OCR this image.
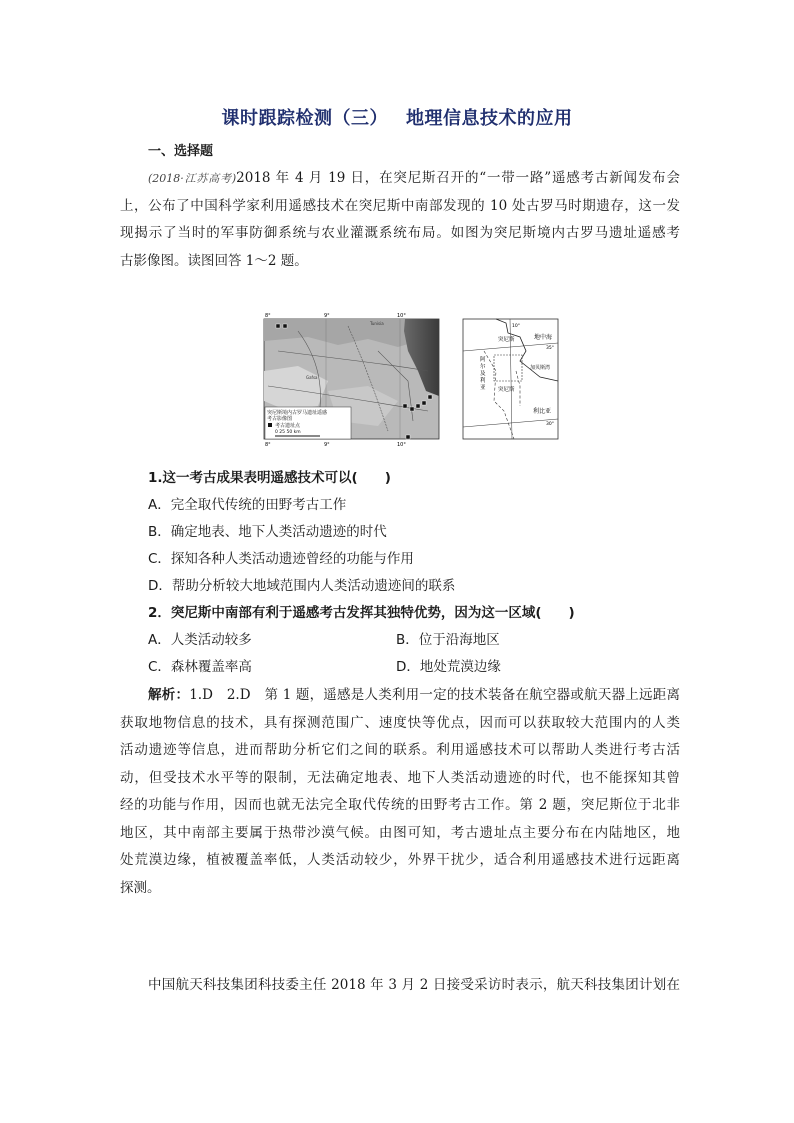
课时跟踪检测（三） 地理信息技术的应用
一、选择题
(2018·江苏高考)2018 年 4 月 19 日，在突尼斯召开的“一带一路”遥感考古新闻发布会
上，公布了中国科学家利用遥感技术在突尼斯中南部发现的 10 处古罗马时期遗存，这一发
现揭示了当时的军事防御系统与农业灌溉系统布局。如图为突尼斯境内古罗马遗址遥感考
古影像图。读图回答 1～2 题。
Tunisia
Gafsa
突尼斯境内古罗马遗址遥感
考古影像图
考古遗址点
0 25 50 km
8°	9°	10°
8°	9°	10°
地中海
突尼斯
阿
尔
及
利
亚 突尼斯
加贝斯湾
利比亚
35°
30°
10°
1.这一考古成果表明遥感技术可以(　　)
A．完全取代传统的田野考古工作
B．确定地表、地下人类活动遗迹的时代
C．探知各种人类活动遗迹曾经的功能与作用
D．帮助分析较大地域范围内人类活动遗迹间的联系
2．突尼斯中南部有利于遥感考古发挥其独特优势，因为这一区域(　　)
A．人类活动较多	B．位于沿海地区
C．森林覆盖率高	D．地处荒漠边缘
解析：1.D　2.D　第 1 题，遥感是人类利用一定的技术装备在航空器或航天器上远距离
获取地物信息的技术，具有探测范围广、速度快等优点，因而可以获取较大范围内的人类
活动遗迹等信息，进而帮助分析它们之间的联系。利用遥感技术可以帮助人类进行考古活
动，但受技术水平等的限制，无法确定地表、地下人类活动遗迹的时代，也不能探知其曾
经的功能与作用，因而也就无法完全取代传统的田野考古工作。第 2 题，突尼斯位于北非
地区，其中南部主要属于热带沙漠气候。由图可知，考古遗址点主要分布在内陆地区，地
处荒漠边缘，植被覆盖率低，人类活动较少，外界干扰少，适合利用遥感技术进行远距离
探测。
中国航天科技集团科技委主任 2018 年 3 月 2 日接受采访时表示，航天科技集团计划在
